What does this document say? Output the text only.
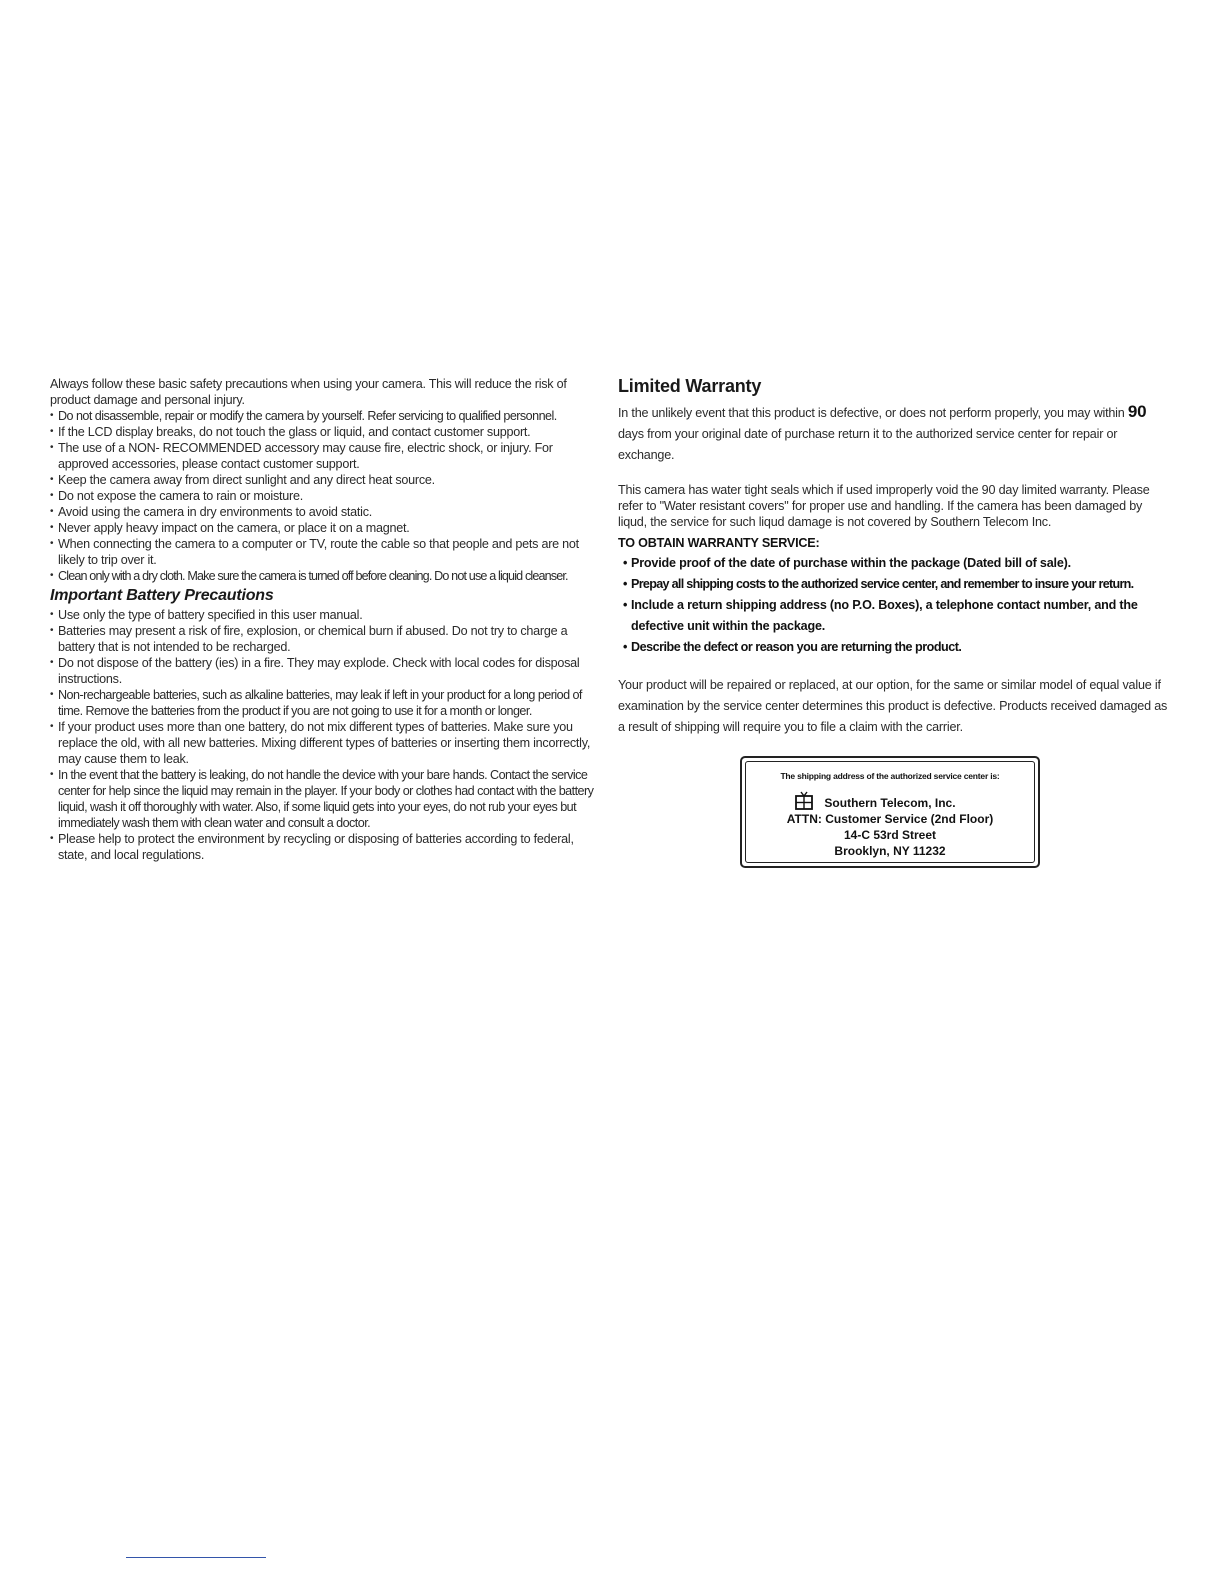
Always follow these basic safety precautions when using your camera. This will reduce the risk of product damage and personal injury.

• Do not disassemble, repair or modify the camera by yourself. Refer servicing to qualified personnel.
• If the LCD display breaks, do not touch the glass or liquid, and contact customer support.
• The use of a NON- RECOMMENDED accessory may cause fire, electric shock, or injury. For approved accessories, please contact customer support.
• Keep the camera away from direct sunlight and any direct heat source.
• Do not expose the camera to rain or moisture.
• Avoid using the camera in dry environments to avoid static.
• Never apply heavy impact on the camera, or place it on a magnet.
• When connecting the camera to a computer or TV, route the cable so that people and pets are not likely to trip over it.
• Clean only with a dry cloth. Make sure the camera is turned off before cleaning. Do not use a liquid cleanser.
Important Battery Precautions
• Use only the type of battery specified in this user manual.
• Batteries may present a risk of fire, explosion, or chemical burn if abused. Do not try to charge a battery that is not intended to be recharged.
• Do not dispose of the battery (ies) in a fire. They may explode. Check with local codes for disposal instructions.
• Non-rechargeable batteries, such as alkaline batteries, may leak if left in your product for a long period of time. Remove the batteries from the product if you are not going to use it for a month or longer.
• If your product uses more than one battery, do not mix different types of batteries. Make sure you replace the old, with all new batteries. Mixing different types of batteries or inserting them incorrectly, may cause them to leak.
• In the event that the battery is leaking, do not handle the device with your bare hands. Contact the service center for help since the liquid may remain in the player. If your body or clothes had contact with the battery liquid, wash it off thoroughly with water. Also, if some liquid gets into your eyes, do not rub your eyes but immediately wash them with clean water and consult a doctor.
• Please help to protect the environment by recycling or disposing of batteries according to federal, state, and local regulations.
Limited Warranty

In the unlikely event that this product is defective, or does not perform properly, you may within 90 days from your original date of purchase return it to the authorized service center for repair or exchange.

This camera has water tight seals which if used improperly void the 90 day limited warranty. Please refer to "Water resistant covers" for proper use and handling. If the camera has been damaged by liqud, the service for such liqud damage is not covered by Southern Telecom Inc.

TO OBTAIN WARRANTY SERVICE:

• Provide proof of the date of purchase within the package (Dated bill of sale).
• Prepay all shipping costs to the authorized service center, and remember to insure your return.
• Include a return shipping address (no P.O. Boxes), a telephone contact number, and the defective unit within the package.
• Describe the defect or reason you are returning the product.

Your product will be repaired or replaced, at our option, for the same or similar model of equal value if examination by the service center determines this product is defective. Products received damaged as a result of shipping will require you to file a claim with the carrier.

The shipping address of the authorized service center is:
Southern Telecom, Inc.
ATTN: Customer Service (2nd Floor)
14-C 53rd Street
Brooklyn, NY 11232
